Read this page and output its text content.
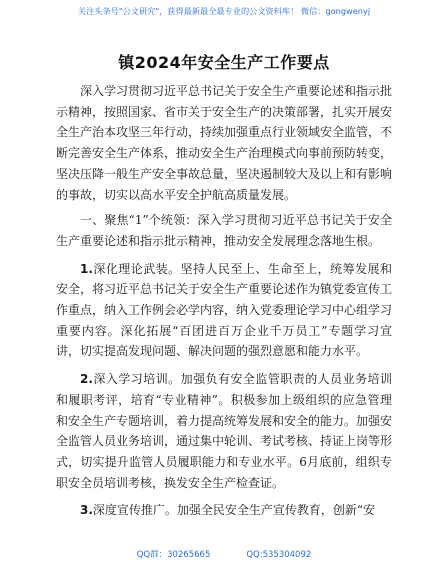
关注头条号"公文研究"，获得最新最全最专业的公文资料库！ 微信：gongwenyj
镇2024年安全生产工作要点

深入学习贯彻习近平总书记关于安全生产重要论述和指示批示精神，按照国家、省市关于安全生产的决策部署，扎实开展安全生产治本攻坚三年行动，持续加强重点行业领域安全监管，不断完善安全生产体系，推动安全生产治理模式向事前预防转变，坚决压降一般生产安全事故总量，坚决遏制较大及以上和有影响的事故，切实以高水平安全护航高质量发展。

一、聚焦“1”个统领：深入学习贯彻习近平总书记关于安全生产重要论述和指示批示精神，推动安全发展理念落地生根。

1.深化理论武装。坚持人民至上、生命至上，统筹发展和安全，将习近平总书记关于安全生产重要论述作为镇党委宣传工作重点，纳入工作例会必学内容，纳入党委理论学习中心组学习重要内容。深化拓展“百团进百万企业千万员工”专题学习宣讲，切实提高发现问题、解决问题的强烈意愿和能力水平。

2.深入学习培训。加强负有安全监管职责的人员业务培训和履职考评，培育“专业精神”。积极参加上级组织的应急管理和安全生产专题培训，着力提高统筹发展和安全的能力。加强安全监管人员业务培训，通过集中轮训、考试考核、持证上岗等形式，切实提升监管人员履职能力和专业水平。6月底前，组织专职安全员培训考核，换发安全生产检查证。

3.深度宣传推广。加强全民安全生产宣传教育，创新“安

QQ群：30265665	QQ:535304092
